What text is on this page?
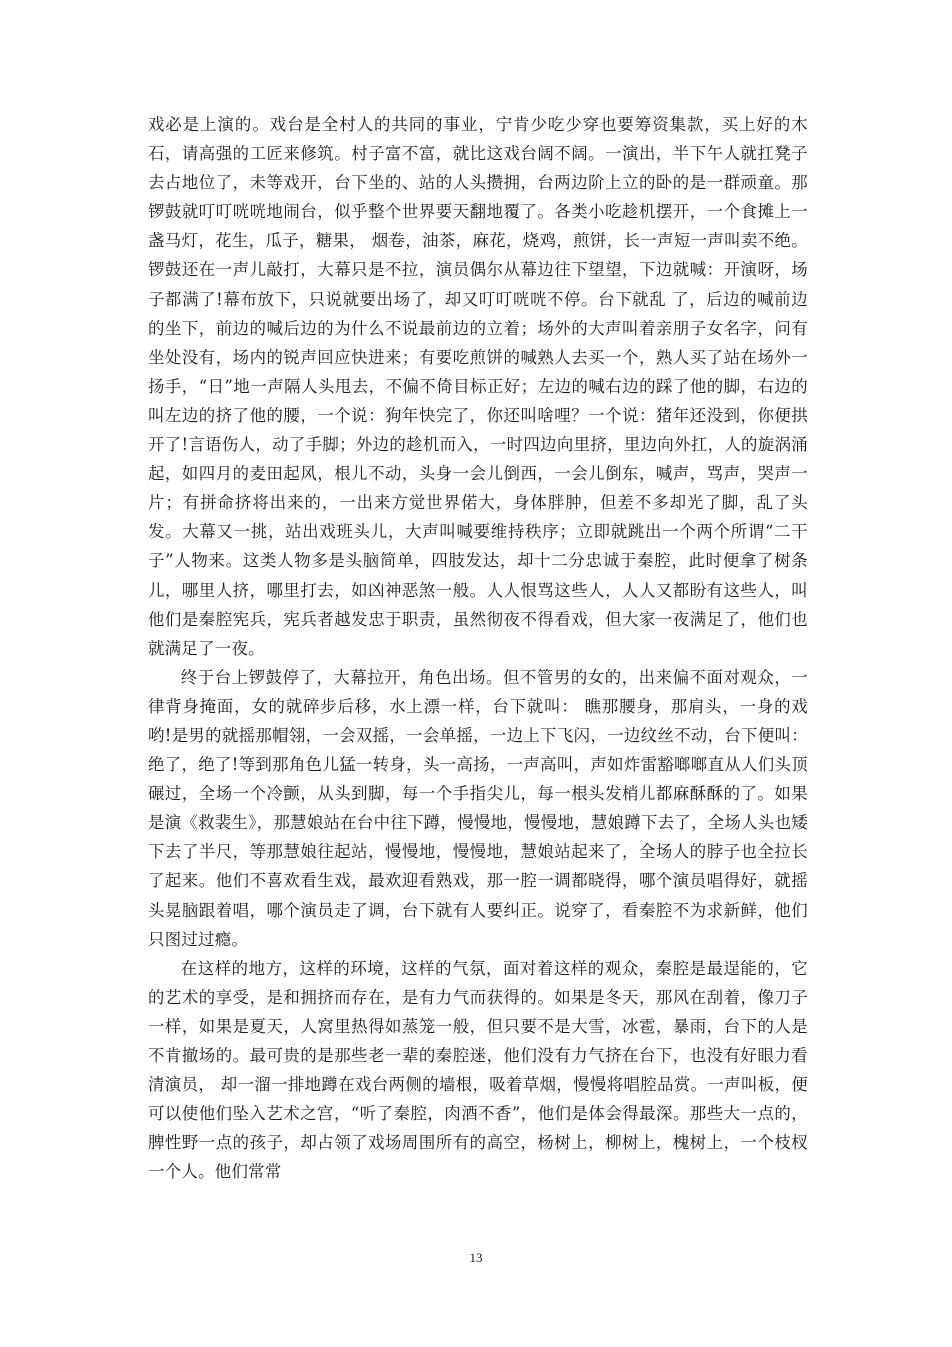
戏必是上演的。戏台是全村人的共同的事业，宁肯少吃少穿也要筹资集款，买上好的木石，请高强的工匠来修筑。村子富不富，就比这戏台阔不阔。一演出，半下午人就扛凳子去占地位了，未等戏开，台下坐的、站的人头攒拥，台两边阶上立的卧的是一群顽童。那锣鼓就叮叮咣咣地闹台，似乎整个世界要天翻地覆了。各类小吃趁机摆开，一个食摊上一盏马灯，花生，瓜子，糖果， 烟卷，油茶，麻花，烧鸡，煎饼，长一声短一声叫卖不绝。锣鼓还在一声儿敲打，大幕只是不拉，演员偶尔从幕边往下望望，下边就喊：开演呀，场子都满了!幕布放下，只说就要出场了，却又叮叮咣咣不停。台下就乱 了，后边的喊前边的坐下，前边的喊后边的为什么不说最前边的立着；场外的大声叫着亲朋子女名字，问有坐处没有，场内的锐声回应快进来；有要吃煎饼的喊熟人去买一个，熟人买了站在场外一扬手，“日”地一声隔人头甩去，不偏不倚目标正好；左边的喊右边的踩了他的脚，右边的叫左边的挤了他的腰，一个说：狗年快完了，你还叫啥哩？一个说：猪年还没到，你便拱开了!言语伤人，动了手脚；外边的趁机而入，一时四边向里挤，里边向外扛，人的旋涡涌起，如四月的麦田起风，根儿不动，头身一会儿倒西，一会儿倒东，喊声，骂声，哭声一片；有拼命挤将出来的，一出来方觉世界偌大，身体胖肿，但差不多却光了脚，乱了头发。大幕又一挑，站出戏班头儿，大声叫喊要维持秩序；立即就跳出一个两个所谓“二干子”人物来。这类人物多是头脑简单，四肢发达，却十二分忠诚于秦腔，此时便拿了树条儿，哪里人挤，哪里打去，如凶神恶煞一般。人人恨骂这些人，人人又都盼有这些人，叫他们是秦腔宪兵，宪兵者越发忠于职责，虽然彻夜不得看戏，但大家一夜满足了，他们也就满足了一夜。

终于台上锣鼓停了，大幕拉开，角色出场。但不管男的女的，出来偏不面对观众，一律背身掩面，女的就碎步后移，水上漂一样，台下就叫： 瞧那腰身，那肩头，一身的戏哟!是男的就摇那帽翎，一会双摇，一会单摇，一边上下飞闪，一边纹丝不动，台下便叫：绝了，绝了!等到那角色儿猛一转身，头一高扬，一声高叫，声如炸雷豁啷啷直从人们头顶碾过，全场一个冷颤，从头到脚，每一个手指尖儿，每一根头发梢儿都麻酥酥的了。如果是演《救裴生》，那慧娘站在台中往下蹲，慢慢地，慢慢地，慧娘蹲下去了，全场人头也矮下去了半尺，等那慧娘往起站，慢慢地，慢慢地，慧娘站起来了，全场人的脖子也全拉长了起来。他们不喜欢看生戏，最欢迎看熟戏，那一腔一调都晓得，哪个演员唱得好，就摇头晃脑跟着唱，哪个演员走了调，台下就有人要纠正。说穿了，看秦腔不为求新鲜，他们只图过过瘾。

在这样的地方，这样的环境，这样的气氛，面对着这样的观众，秦腔是最逞能的，它的艺术的享受，是和拥挤而存在，是有力气而获得的。如果是冬天，那风在刮着，像刀子一样，如果是夏天，人窝里热得如蒸笼一般，但只要不是大雪，冰雹，暴雨，台下的人是不肯撤场的。最可贵的是那些老一辈的秦腔迷，他们没有力气挤在台下，也没有好眼力看清演员， 却一溜一排地蹲在戏台两侧的墙根，吸着草烟，慢慢将唱腔品赏。一声叫板，便可以使他们坠入艺术之宫，“听了秦腔，肉酒不香”，他们是体会得最深。那些大一点的，脾性野一点的孩子，却占领了戏场周围所有的高空，杨树上，柳树上，槐树上，一个枝杈一个人。他们常常

13
